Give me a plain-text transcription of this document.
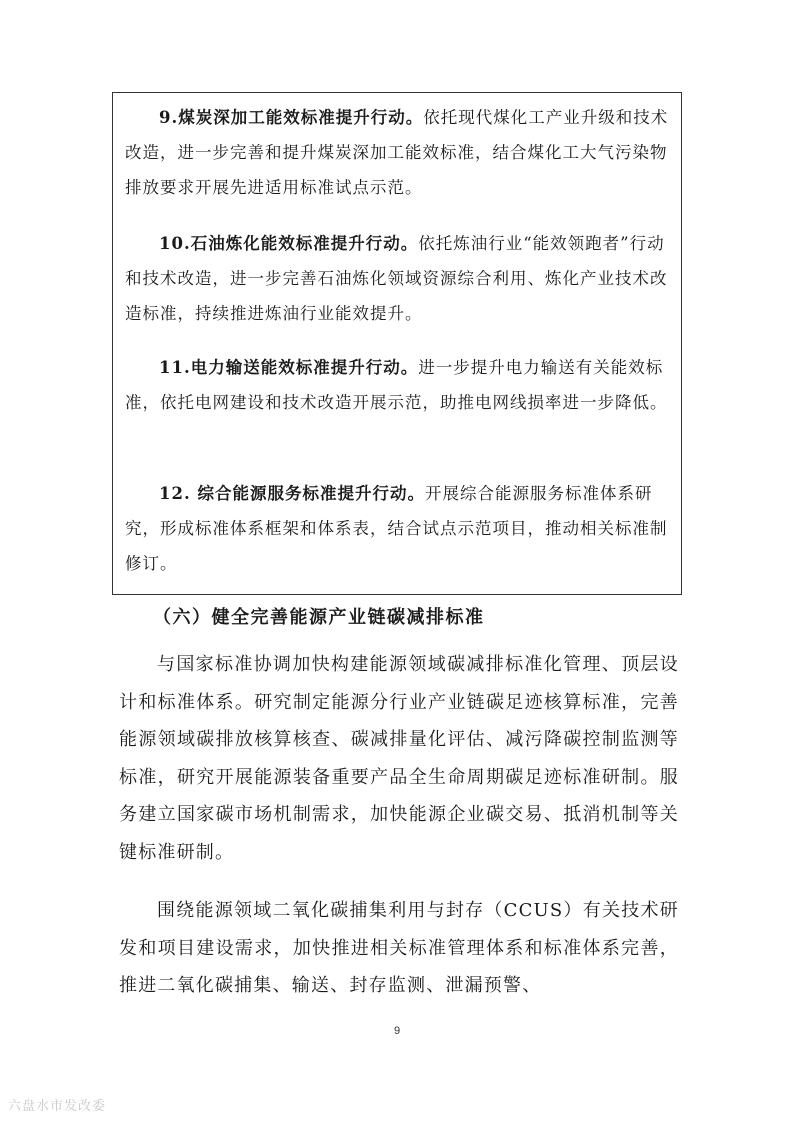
9.煤炭深加工能效标准提升行动。依托现代煤化工产业升级和技术改造，进一步完善和提升煤炭深加工能效标准，结合煤化工大气污染物排放要求开展先进适用标准试点示范。

10.石油炼化能效标准提升行动。依托炼油行业“能效领跑者”行动和技术改造，进一步完善石油炼化领域资源综合利用、炼化产业技术改造标准，持续推进炼油行业能效提升。

11.电力输送能效标准提升行动。进一步提升电力输送有关能效标准，依托电网建设和技术改造开展示范，助推电网线损率进一步降低。

12. 综合能源服务标准提升行动。开展综合能源服务标准体系研究，形成标准体系框架和体系表，结合试点示范项目，推动相关标准制修订。

（六）健全完善能源产业链碳减排标准

与国家标准协调加快构建能源领域碳减排标准化管理、顶层设计和标准体系。研究制定能源分行业产业链碳足迹核算标准，完善能源领域碳排放核算核查、碳减排量化评估、减污降碳控制监测等标准，研究开展能源装备重要产品全生命周期碳足迹标准研制。服务建立国家碳市场机制需求，加快能源企业碳交易、抵消机制等关键标准研制。

围绕能源领域二氧化碳捕集利用与封存（CCUS）有关技术研发和项目建设需求，加快推进相关标准管理体系和标准体系完善，推进二氧化碳捕集、输送、封存监测、泄漏预警、

9
六盘水市发改委
